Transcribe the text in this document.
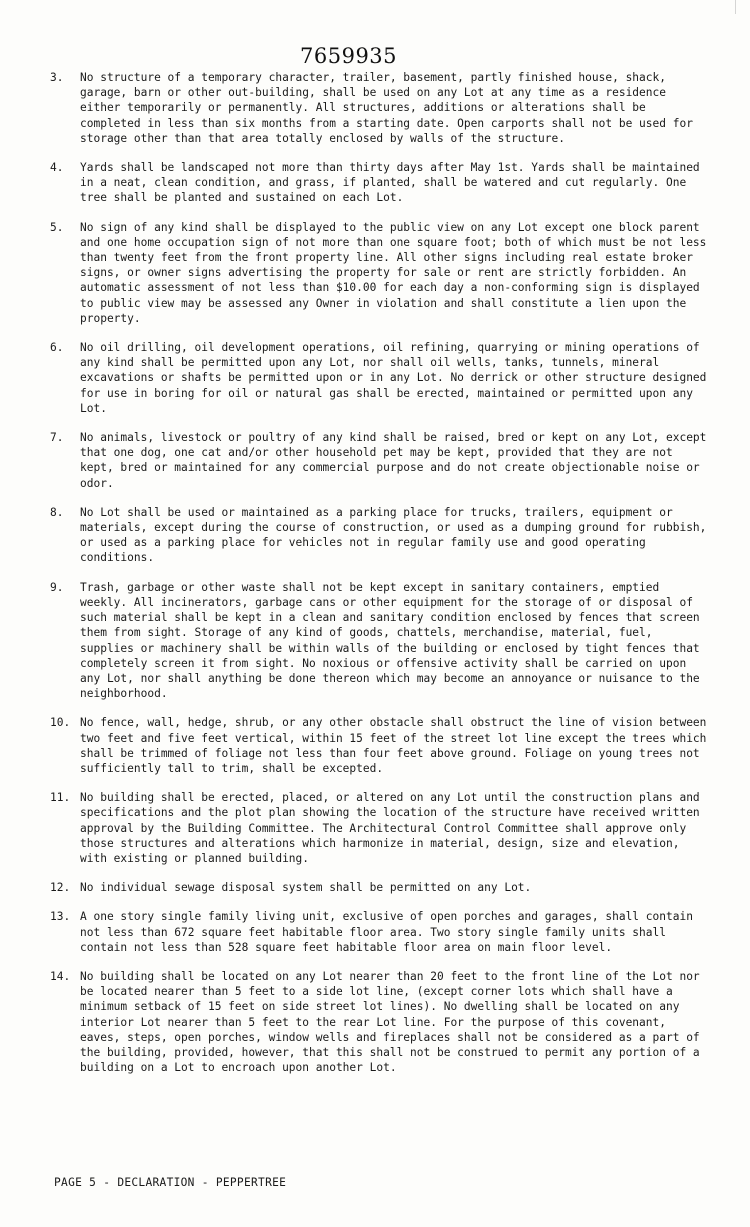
7659935
3.	No structure of a temporary character, trailer, basement, partly finished house, shack, garage, barn or other out-building, shall be used on any Lot at any time as a residence either temporarily or permanently. All structures, additions or alterations shall be completed in less than six months from a starting date. Open carports shall not be used for storage other than that area totally enclosed by walls of the structure.
4.	Yards shall be landscaped not more than thirty days after May 1st. Yards shall be maintained in a neat, clean condition, and grass, if planted, shall be watered and cut regularly. One tree shall be planted and sustained on each Lot.
5.	No sign of any kind shall be displayed to the public view on any Lot except one block parent and one home occupation sign of not more than one square foot; both of which must be not less than twenty feet from the front property line. All other signs including real estate broker signs, or owner signs advertising the property for sale or rent are strictly forbidden. An automatic assessment of not less than $10.00 for each day a non-conforming sign is displayed to public view may be assessed any Owner in violation and shall constitute a lien upon the property.
6.	No oil drilling, oil development operations, oil refining, quarrying or mining operations of any kind shall be permitted upon any Lot, nor shall oil wells, tanks, tunnels, mineral excavations or shafts be permitted upon or in any Lot. No derrick or other structure designed for use in boring for oil or natural gas shall be erected, maintained or permitted upon any Lot.
7.	No animals, livestock or poultry of any kind shall be raised, bred or kept on any Lot, except that one dog, one cat and/or other household pet may be kept, provided that they are not kept, bred or maintained for any commercial purpose and do not create objectionable noise or odor.
8.	No Lot shall be used or maintained as a parking place for trucks, trailers, equipment or materials, except during the course of construction, or used as a dumping ground for rubbish, or used as a parking place for vehicles not in regular family use and good operating conditions.
9.	Trash, garbage or other waste shall not be kept except in sanitary containers, emptied weekly. All incinerators, garbage cans or other equipment for the storage of or disposal of such material shall be kept in a clean and sanitary condition enclosed by fences that screen them from sight. Storage of any kind of goods, chattels, merchandise, material, fuel, supplies or machinery shall be within walls of the building or enclosed by tight fences that completely screen it from sight. No noxious or offensive activity shall be carried on upon any Lot, nor shall anything be done thereon which may become an annoyance or nuisance to the neighborhood.
10. No fence, wall, hedge, shrub, or any other obstacle shall obstruct the line of vision between two feet and five feet vertical, within 15 feet of the street lot line except the trees which shall be trimmed of foliage not less than four feet above ground. Foliage on young trees not sufficiently tall to trim, shall be excepted.
11. No building shall be erected, placed, or altered on any Lot until the construction plans and specifications and the plot plan showing the location of the structure have received written approval by the Building Committee. The Architectural Control Committee shall approve only those structures and alterations which harmonize in material, design, size and elevation, with existing or planned building.
12. No individual sewage disposal system shall be permitted on any Lot.
13. A one story single family living unit, exclusive of open porches and garages, shall contain not less than 672 square feet habitable floor area. Two story single family units shall contain not less than 528 square feet habitable floor area on main floor level.
14. No building shall be located on any Lot nearer than 20 feet to the front line of the Lot nor be located nearer than 5 feet to a side lot line, (except corner lots which shall have a minimum setback of 15 feet on side street lot lines). No dwelling shall be located on any interior Lot nearer than 5 feet to the rear Lot line. For the purpose of this covenant, eaves, steps, open porches, window wells and fireplaces shall not be considered as a part of the building, provided, however, that this shall not be construed to permit any portion of a building on a Lot to encroach upon another Lot.
PAGE 5 - DECLARATION - PEPPERTREE
